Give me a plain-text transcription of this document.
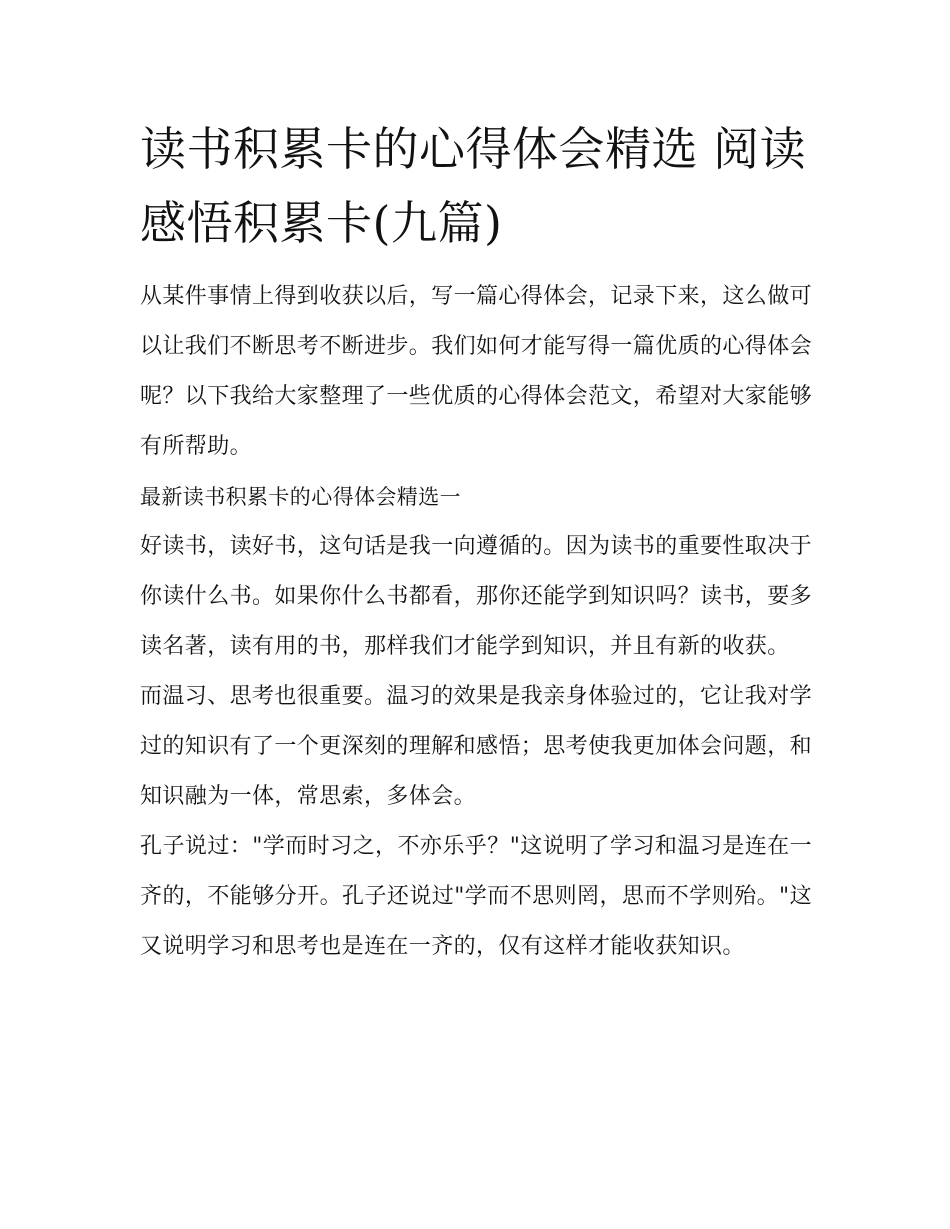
读书积累卡的心得体会精选 阅读感悟积累卡(九篇)

从某件事情上得到收获以后，写一篇心得体会，记录下来，这么做可以让我们不断思考不断进步。我们如何才能写得一篇优质的心得体会呢？以下我给大家整理了一些优质的心得体会范文，希望对大家能够有所帮助。

最新读书积累卡的心得体会精选一

好读书，读好书，这句话是我一向遵循的。因为读书的重要性取决于你读什么书。如果你什么书都看，那你还能学到知识吗？读书，要多读名著，读有用的书，那样我们才能学到知识，并且有新的收获。

而温习、思考也很重要。温习的效果是我亲身体验过的，它让我对学过的知识有了一个更深刻的理解和感悟；思考使我更加体会问题，和知识融为一体，常思索，多体会。

孔子说过："学而时习之，不亦乐乎？"这说明了学习和温习是连在一齐的，不能够分开。孔子还说过"学而不思则罔，思而不学则殆。"这又说明学习和思考也是连在一齐的，仅有这样才能收获知识。
